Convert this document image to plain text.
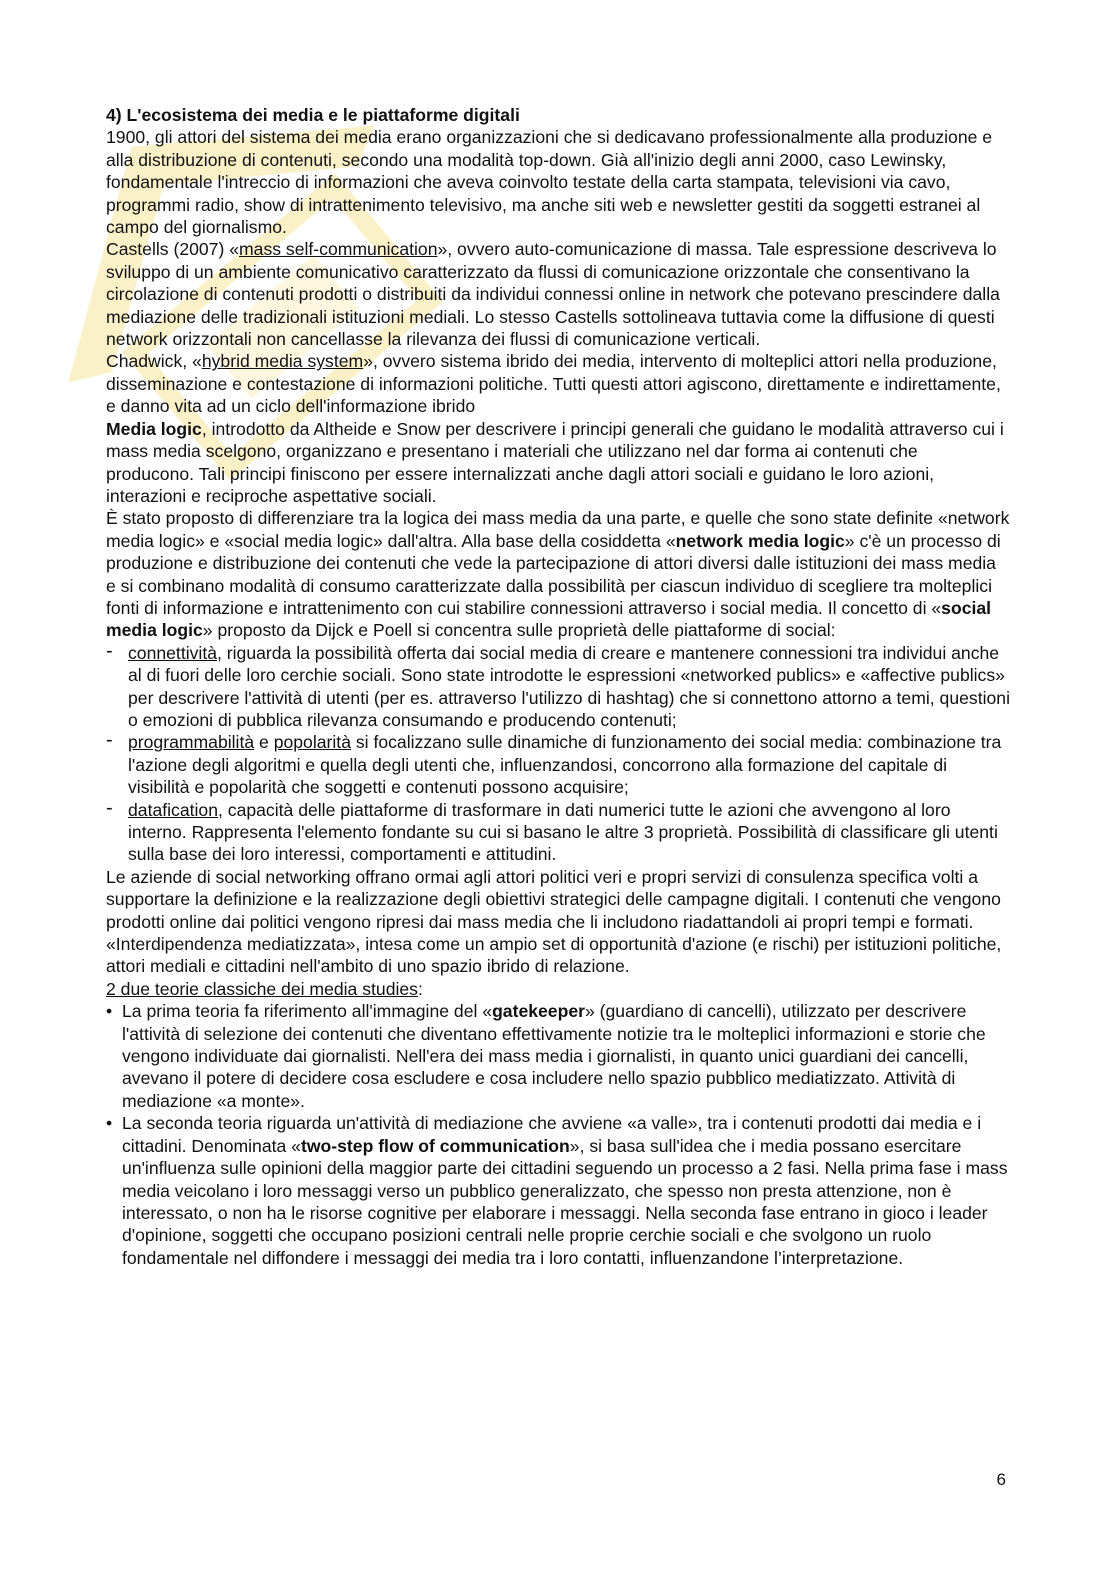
4) L'ecosistema dei media e le piattaforme digitali

1900, gli attori del sistema dei media erano organizzazioni che si dedicavano professionalmente alla produzione e alla distribuzione di contenuti, secondo una modalità top-down. Già all'inizio degli anni 2000, caso Lewinsky, fondamentale l'intreccio di informazioni che aveva coinvolto testate della carta stampata, televisioni via cavo, programmi radio, show di intrattenimento televisivo, ma anche siti web e newsletter gestiti da soggetti estranei al campo del giornalismo.

Castells (2007) «mass self-communication», ovvero auto-comunicazione di massa. Tale espressione descriveva lo sviluppo di un ambiente comunicativo caratterizzato da flussi di comunicazione orizzontale che consentivano la circolazione di contenuti prodotti o distribuiti da individui connessi online in network che potevano prescindere dalla mediazione delle tradizionali istituzioni mediali. Lo stesso Castells sottolineava tuttavia come la diffusione di questi network orizzontali non cancellasse la rilevanza dei flussi di comunicazione verticali.

Chadwick, «hybrid media system», ovvero sistema ibrido dei media, intervento di molteplici attori nella produzione, disseminazione e contestazione di informazioni politiche. Tutti questi attori agiscono, direttamente e indirettamente, e danno vita ad un ciclo dell'informazione ibrido

Media logic, introdotto da Altheide e Snow per descrivere i principi generali che guidano le modalità attraverso cui i mass media scelgono, organizzano e presentano i materiali che utilizzano nel dar forma ai contenuti che producono. Tali principi finiscono per essere internalizzati anche dagli attori sociali e guidano le loro azioni, interazioni e reciproche aspettative sociali.

È stato proposto di differenziare tra la logica dei mass media da una parte, e quelle che sono state definite «network media logic» e «social media logic» dall'altra. Alla base della cosiddetta «network media logic» c'è un processo di produzione e distribuzione dei contenuti che vede la partecipazione di attori diversi dalle istituzioni dei mass media e si combinano modalità di consumo caratterizzate dalla possibilità per ciascun individuo di scegliere tra molteplici fonti di informazione e intrattenimento con cui stabilire connessioni attraverso i social media. Il concetto di «social media logic» proposto da Dijck e Poell si concentra sulle proprietà delle piattaforme di social:

- connettività, riguarda la possibilità offerta dai social media di creare e mantenere connessioni tra individui anche al di fuori delle loro cerchie sociali. Sono state introdotte le espressioni «networked publics» e «affective publics» per descrivere l'attività di utenti (per es. attraverso l'utilizzo di hashtag) che si connettono attorno a temi, questioni o emozioni di pubblica rilevanza consumando e producendo contenuti;
- programmabilità e popolarità si focalizzano sulle dinamiche di funzionamento dei social media: combinazione tra l'azione degli algoritmi e quella degli utenti che, influenzandosi, concorrono alla formazione del capitale di visibilità e popolarità che soggetti e contenuti possono acquisire;
- datafication, capacità delle piattaforme di trasformare in dati numerici tutte le azioni che avvengono al loro interno. Rappresenta l'elemento fondante su cui si basano le altre 3 proprietà. Possibilità di classificare gli utenti sulla base dei loro interessi, comportamenti e attitudini.

Le aziende di social networking offrano ormai agli attori politici veri e propri servizi di consulenza specifica volti a supportare la definizione e la realizzazione degli obiettivi strategici delle campagne digitali. I contenuti che vengono prodotti online dai politici vengono ripresi dai mass media che li includono riadattandoli ai propri tempi e formati.

«Interdipendenza mediatizzata», intesa come un ampio set di opportunità d'azione (e rischi) per istituzioni politiche, attori mediali e cittadini nell'ambito di uno spazio ibrido di relazione.

2 due teorie classiche dei media studies:

• La prima teoria fa riferimento all'immagine del «gatekeeper» (guardiano di cancelli), utilizzato per descrivere l'attività di selezione dei contenuti che diventano effettivamente notizie tra le molteplici informazioni e storie che vengono individuate dai giornalisti. Nell'era dei mass media i giornalisti, in quanto unici guardiani dei cancelli, avevano il potere di decidere cosa escludere e cosa includere nello spazio pubblico mediatizzato. Attività di mediazione «a monte».
• La seconda teoria riguarda un'attività di mediazione che avviene «a valle», tra i contenuti prodotti dai media e i cittadini. Denominata «two-step flow of communication», si basa sull'idea che i media possano esercitare un'influenza sulle opinioni della maggior parte dei cittadini seguendo un processo a 2 fasi. Nella prima fase i mass media veicolano i loro messaggi verso un pubblico generalizzato, che spesso non presta attenzione, non è interessato, o non ha le risorse cognitive per elaborare i messaggi. Nella seconda fase entrano in gioco i leader d'opinione, soggetti che occupano posizioni centrali nelle proprie cerchie sociali e che svolgono un ruolo fondamentale nel diffondere i messaggi dei media tra i loro contatti, influenzandone l’interpretazione.
6
